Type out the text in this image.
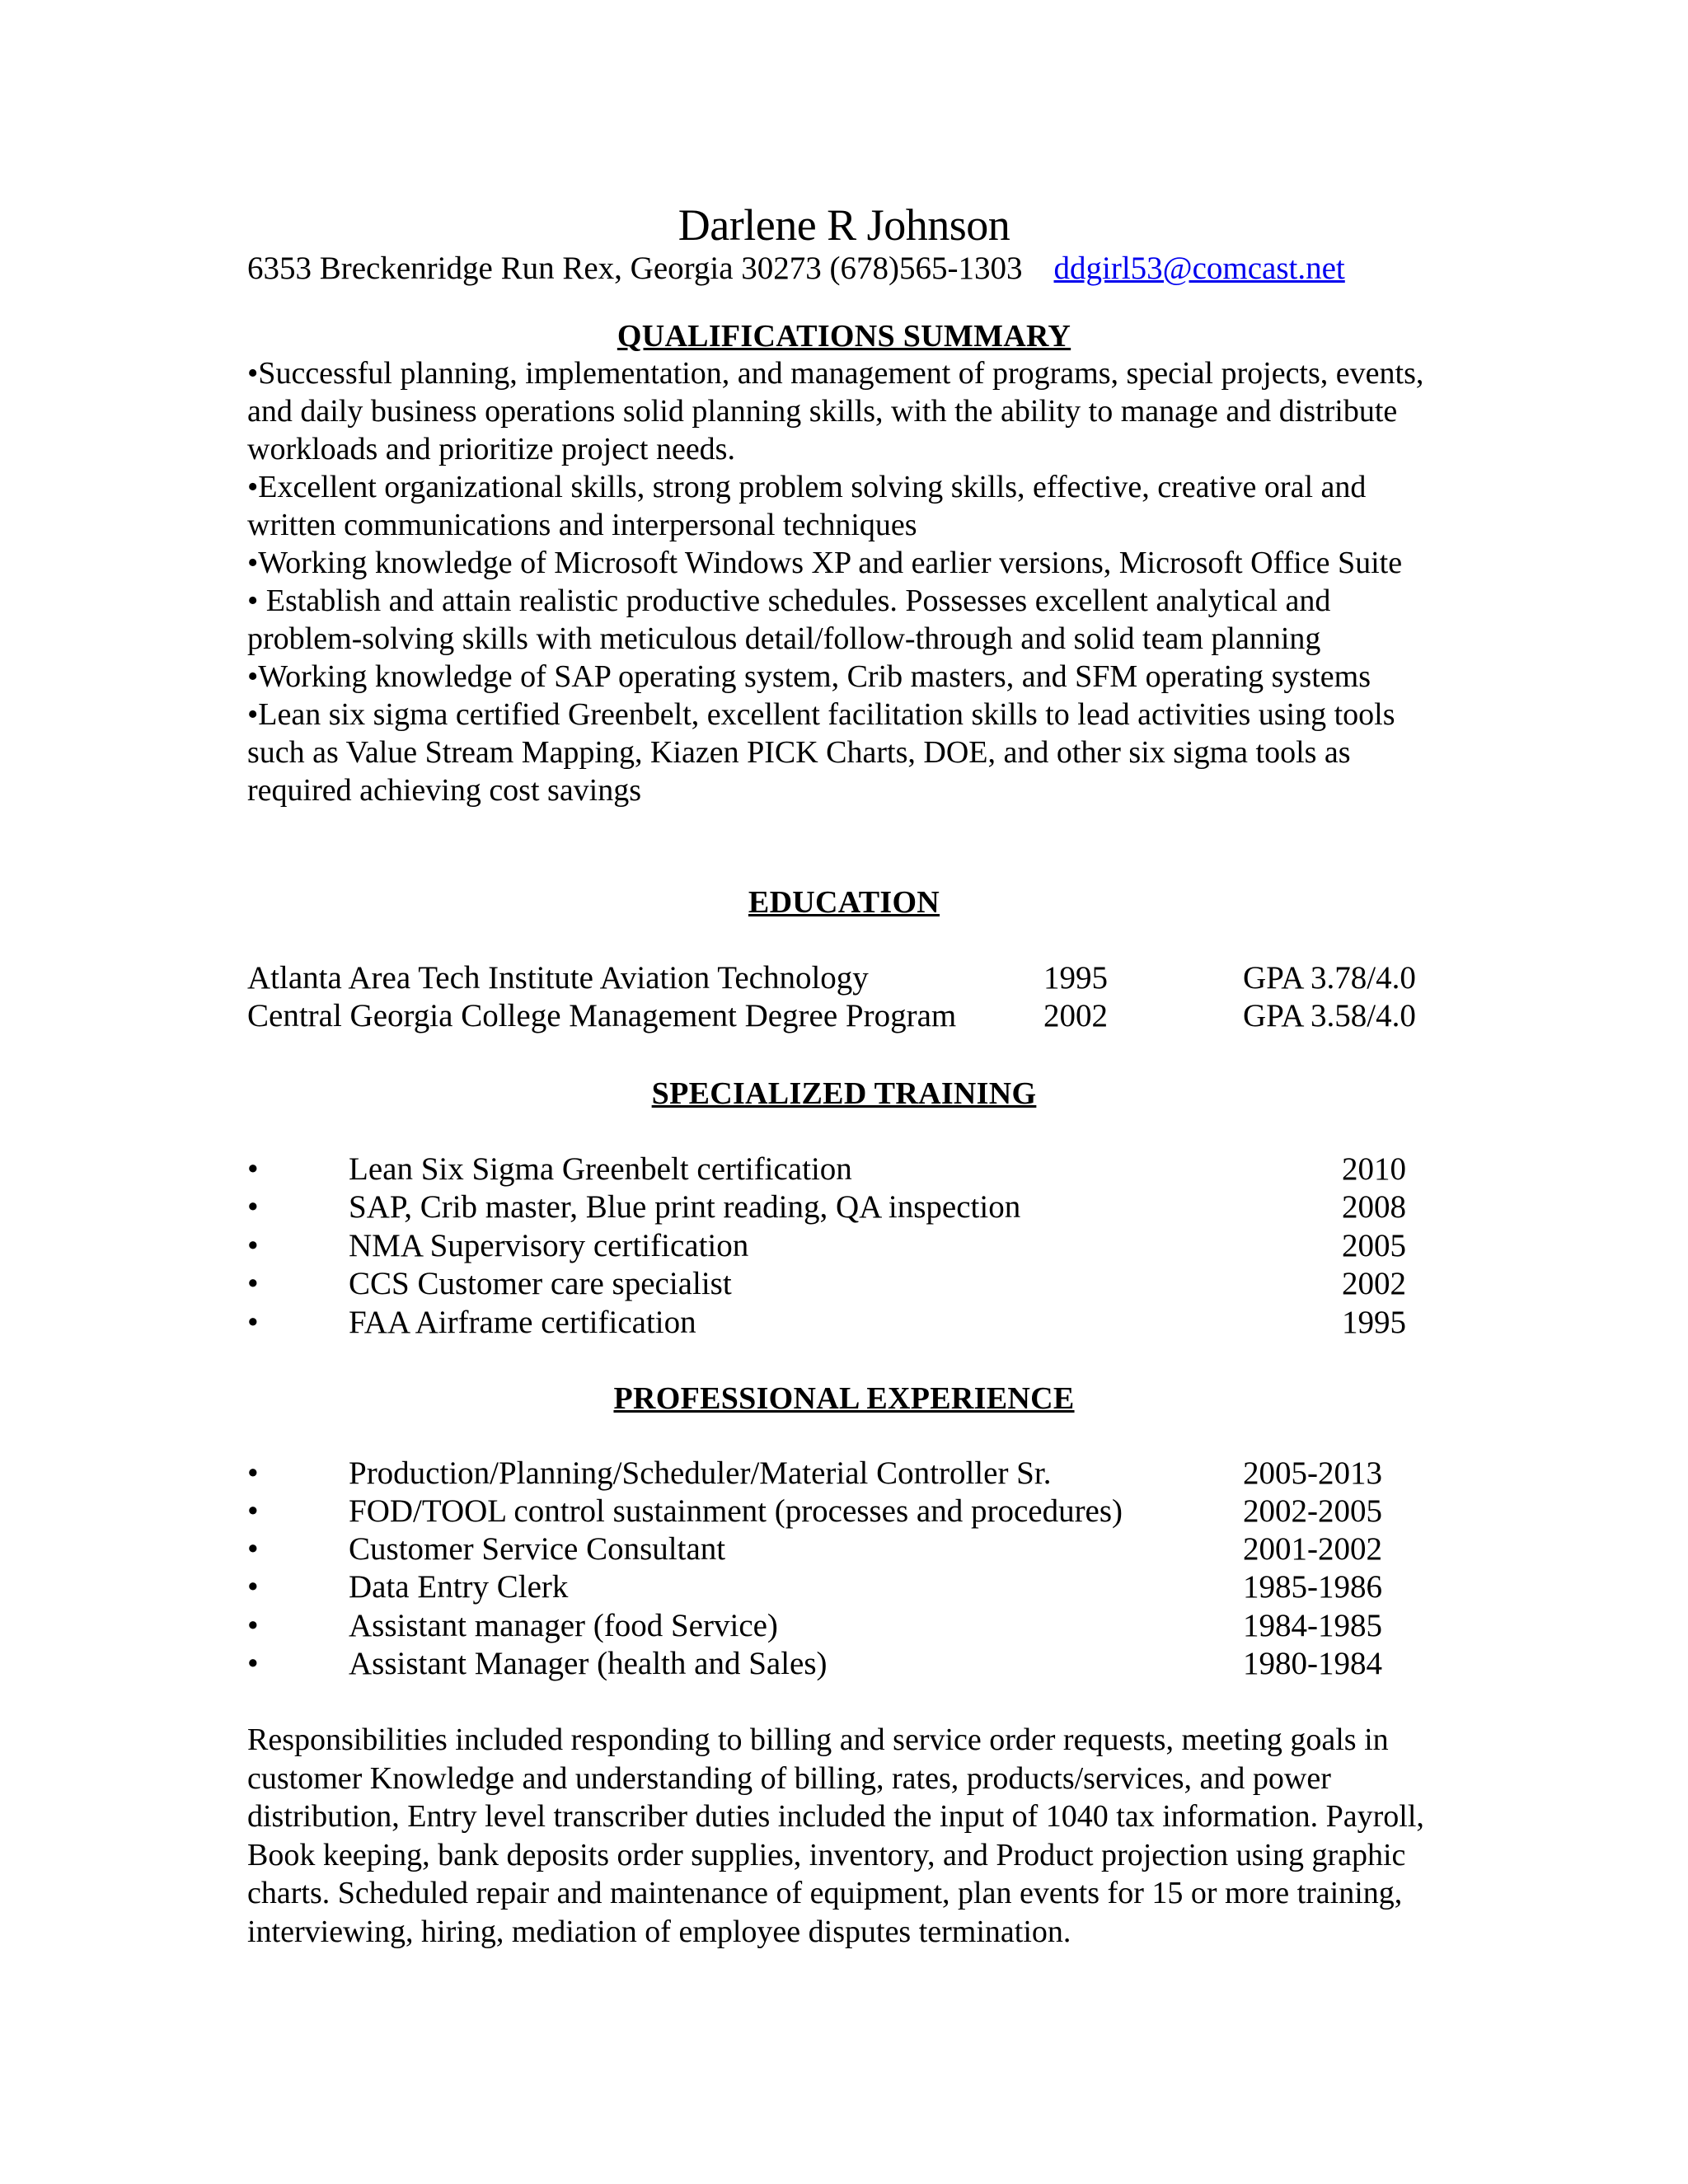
Darlene R Johnson
6353 Breckenridge Run Rex, Georgia 30273 (678)565-1303 ddgirl53@comcast.net
QUALIFICATIONS SUMMARY

•Successful planning, implementation, and management of programs, special projects, events, and daily business operations solid planning skills, with the ability to manage and distribute workloads and prioritize project needs.

•Excellent organizational skills, strong problem solving skills, effective, creative oral and written communications and interpersonal techniques

•Working knowledge of Microsoft Windows XP and earlier versions, Microsoft Office Suite

• Establish and attain realistic productive schedules. Possesses excellent analytical and problem-solving skills with meticulous detail/follow-through and solid team planning

•Working knowledge of SAP operating system, Crib masters, and SFM operating systems

•Lean six sigma certified Greenbelt, excellent facilitation skills to lead activities using tools such as Value Stream Mapping, Kiazen PICK Charts, DOE, and other six sigma tools as required achieving cost savings

EDUCATION
Atlanta Area Tech Institute Aviation Technology	1995	GPA 3.78/4.0
Central Georgia College Management Degree Program	2002	GPA 3.58/4.0
SPECIALIZED TRAINING
•	Lean Six Sigma Greenbelt certification	2010
•	SAP, Crib master, Blue print reading, QA inspection	2008
•	NMA Supervisory certification	2005
•	CCS Customer care specialist	2002
•	FAA Airframe certification	1995
PROFESSIONAL EXPERIENCE
•	Production/Planning/Scheduler/Material Controller Sr.	2005-2013
•	FOD/TOOL control sustainment (processes and procedures)	2002-2005
•	Customer Service Consultant	2001-2002
•	Data Entry Clerk	1985-1986
•	Assistant manager (food Service)	1984-1985
•	Assistant Manager (health and Sales)	1980-1984
Responsibilities included responding to billing and service order requests, meeting goals in customer Knowledge and understanding of billing, rates, products/services, and power distribution, Entry level transcriber duties included the input of 1040 tax information. Payroll, Book keeping, bank deposits order supplies, inventory, and Product projection using graphic charts. Scheduled repair and maintenance of equipment, plan events for 15 or more training, interviewing, hiring, mediation of employee disputes termination.
